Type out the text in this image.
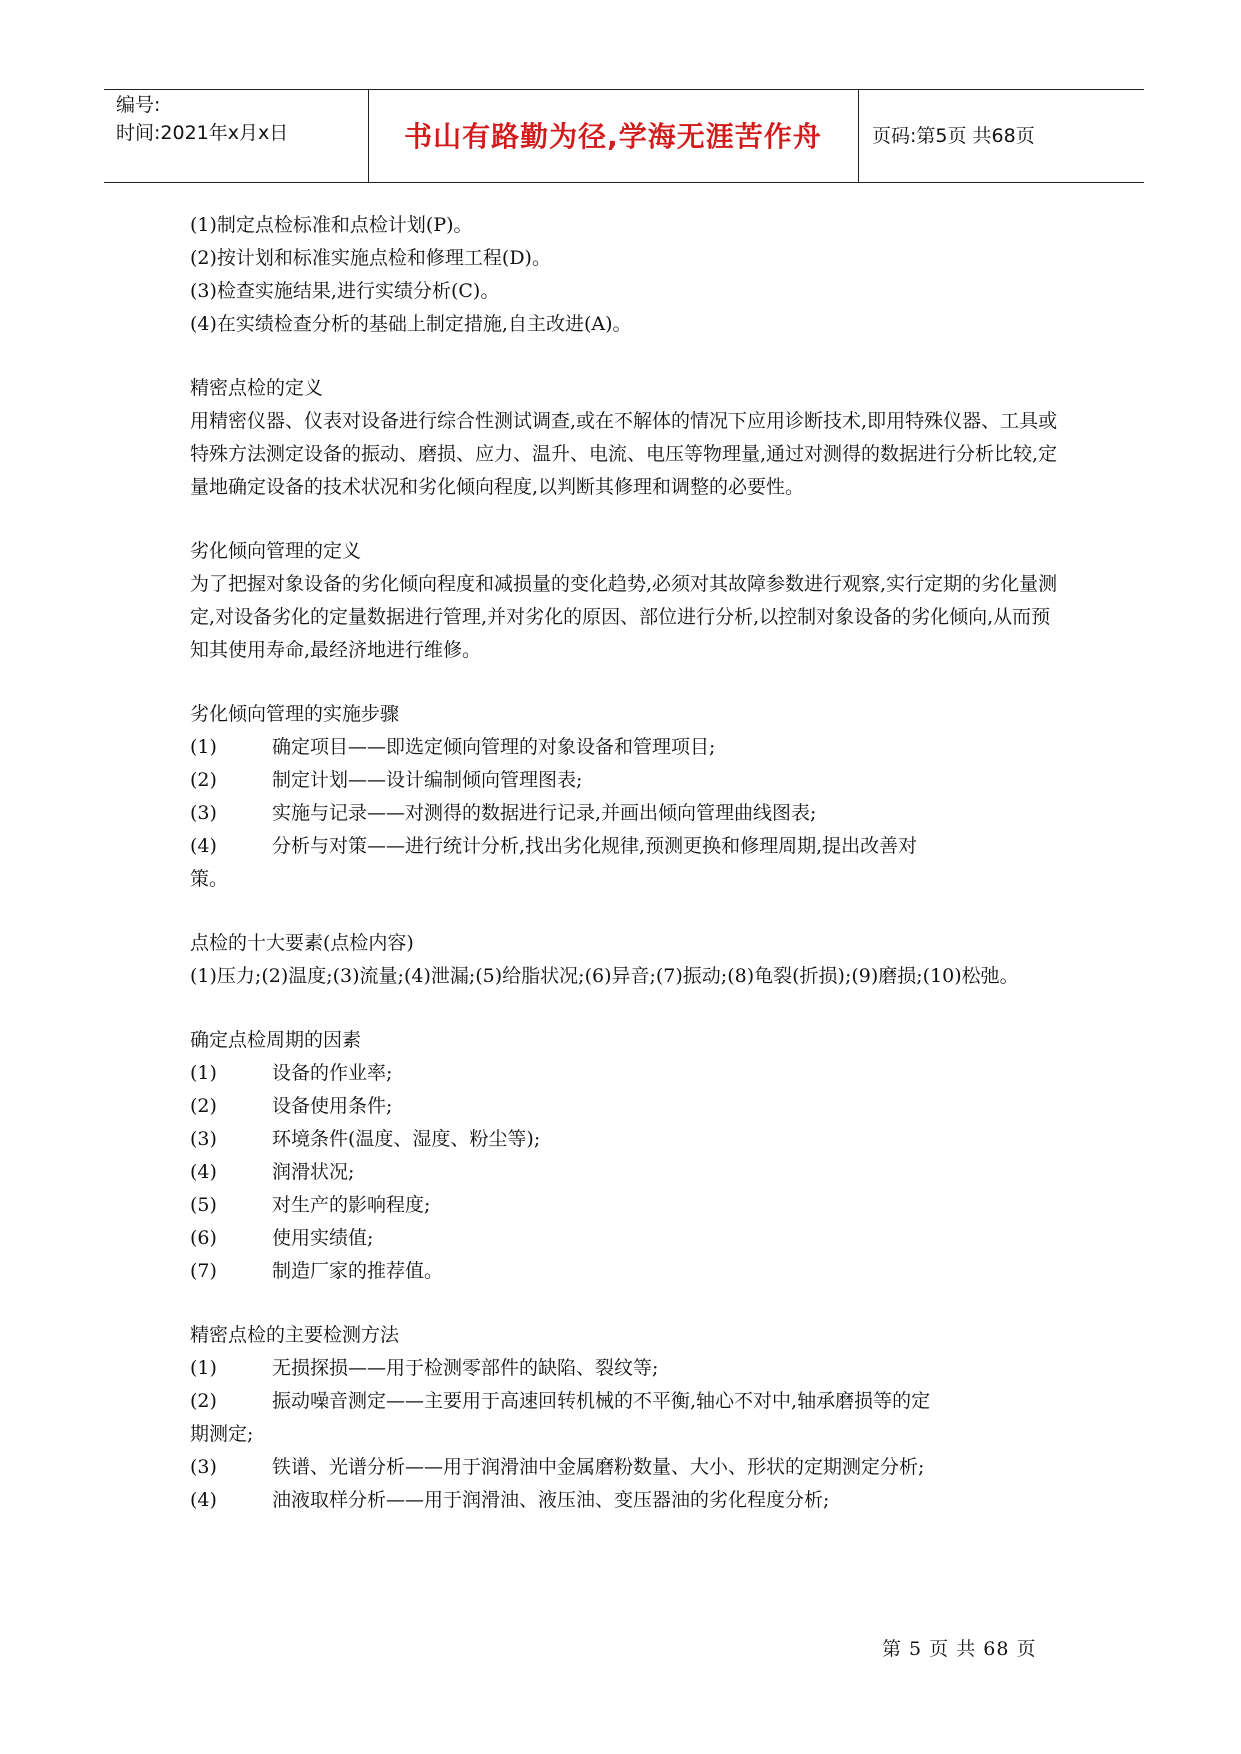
编号:
时间:2021年x月x日	书山有路勤为径,学海无涯苦作舟	页码:第5页 共68页

(1)制定点检标准和点检计划(P)。

(2)按计划和标准实施点检和修理工程(D)。

(3)检查实施结果,进行实绩分析(C)。

(4)在实绩检查分析的基础上制定措施,自主改进(A)。

精密点检的定义

用精密仪器、仪表对设备进行综合性测试调查,或在不解体的情况下应用诊断技术,即用特殊仪器、工具或特殊方法测定设备的振动、磨损、应力、温升、电流、电压等物理量,通过对测得的数据进行分析比较,定量地确定设备的技术状况和劣化倾向程度,以判断其修理和调整的必要性。

劣化倾向管理的定义

为了把握对象设备的劣化倾向程度和减损量的变化趋势,必须对其故障参数进行观察,实行定期的劣化量测定,对设备劣化的定量数据进行管理,并对劣化的原因、部位进行分析,以控制对象设备的劣化倾向,从而预知其使用寿命,最经济地进行维修。

劣化倾向管理的实施步骤

(1)	确定项目——即选定倾向管理的对象设备和管理项目;
(2)	制定计划——设计编制倾向管理图表;
(3)	实施与记录——对测得的数据进行记录,并画出倾向管理曲线图表;
(4)	分析与对策——进行统计分析,找出劣化规律,预测更换和修理周期,提出改善对

策。

点检的十大要素(点检内容)

(1)压力;(2)温度;(3)流量;(4)泄漏;(5)给脂状况;(6)异音;(7)振动;(8)龟裂(折损);(9)磨损;(10)松弛。

确定点检周期的因素

(1)	设备的作业率;
(2)	设备使用条件;
(3)	环境条件(温度、湿度、粉尘等);
(4)	润滑状况;
(5)	对生产的影响程度;
(6)	使用实绩值;
(7)	制造厂家的推荐值。

精密点检的主要检测方法

(1)	无损探损——用于检测零部件的缺陷、裂纹等;
(2)	振动噪音测定——主要用于高速回转机械的不平衡,轴心不对中,轴承磨损等的定

期测定;

(3)	铁谱、光谱分析——用于润滑油中金属磨粉数量、大小、形状的定期测定分析;
(4)	油液取样分析——用于润滑油、液压油、变压器油的劣化程度分析;
第 5 页 共 68 页
